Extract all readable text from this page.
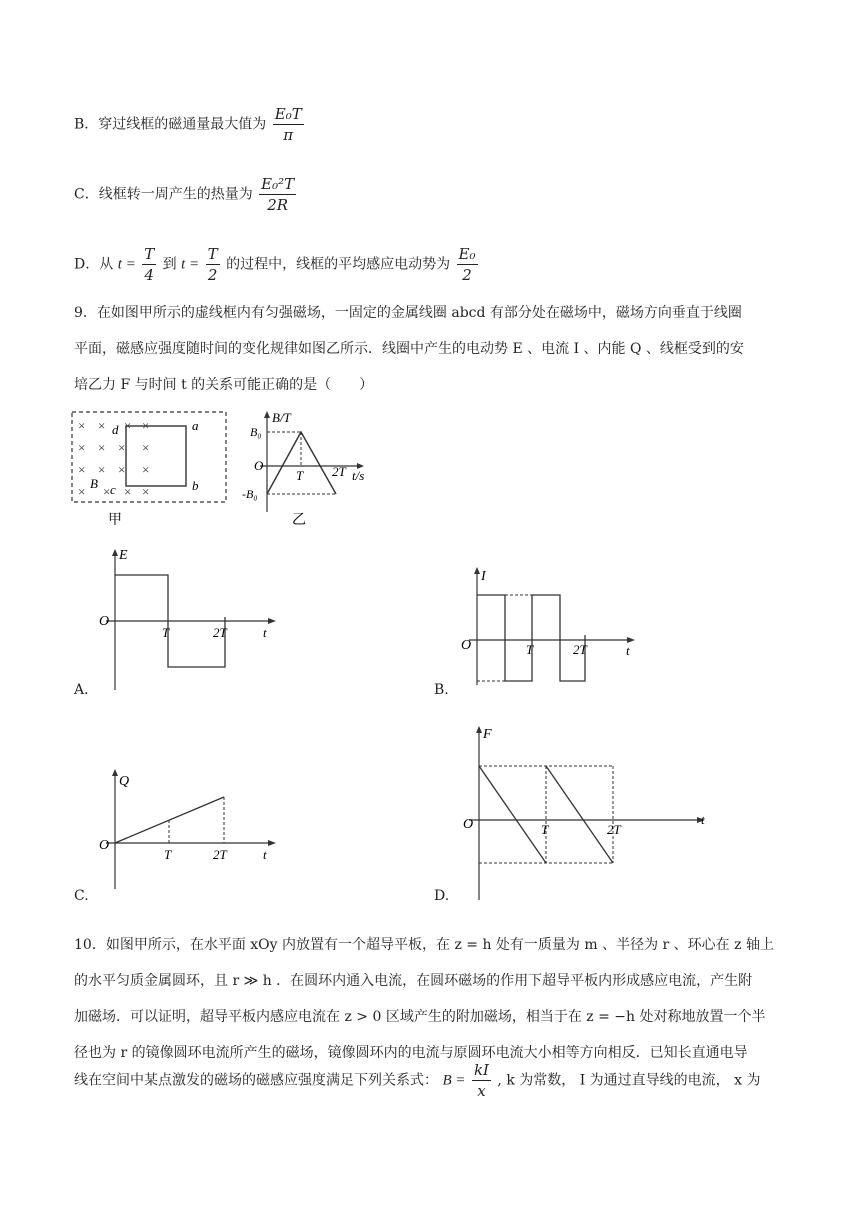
B．穿过线框的磁通量最大值为 $\frac{\text{E₀T}}{\pi}$
C．线框转一周产生的热量为 $\frac{\text{E₀²T}}{2R}$
D．从 $t = \frac{T}{4}$ 到 $t = \frac{T}{2}$ 的过程中，线框的平均感应电动势为 $\frac{\text{E₀}}{2}$
9．在如图甲所示的虚线框内有匀强磁场，一固定的金属线圈 abcd 有部分处在磁场中，磁场方向垂直于线圈
平面，磁感应强度随时间的变化规律如图乙所示．线圈中产生的电动势 E 、电流 I 、内能 Q 、线框受到的安
培乙力 F 与时间 t 的关系可能正确的是（　　）
× × × ×
× × × ×
× × × ×
× × × ×
a
b
d
c
B
甲
B/T
B₀
-B₀
O
T 2T t/s
乙
E
O
T	2T	t
A.
I
O	T	2T	t
B.
Q
O
T	2T	t
C.
F
O	T	2T
t
D.
10．如图甲所示，在水平面 xOy 内放置有一个超导平板，在 z = h 处有一质量为 m 、半径为 r 、环心在 z 轴上
的水平匀质金属圆环，且 r ≫ h ．在圆环内通入电流，在圆环磁场的作用下超导平板内形成感应电流，产生附
加磁场．可以证明，超导平板内感应电流在 z > 0 区域产生的附加磁场，相当于在 z = −h 处对称地放置一个半
径也为 r 的镜像圆环电流所产生的磁场，镜像圆环内的电流与原圆环电流大小相等方向相反．已知长直通电导
线在空间中某点激发的磁场的磁感应强度满足下列关系式： $B = \frac{kI}{x}$ , k 为常数， I 为通过直导线的电流， x 为
